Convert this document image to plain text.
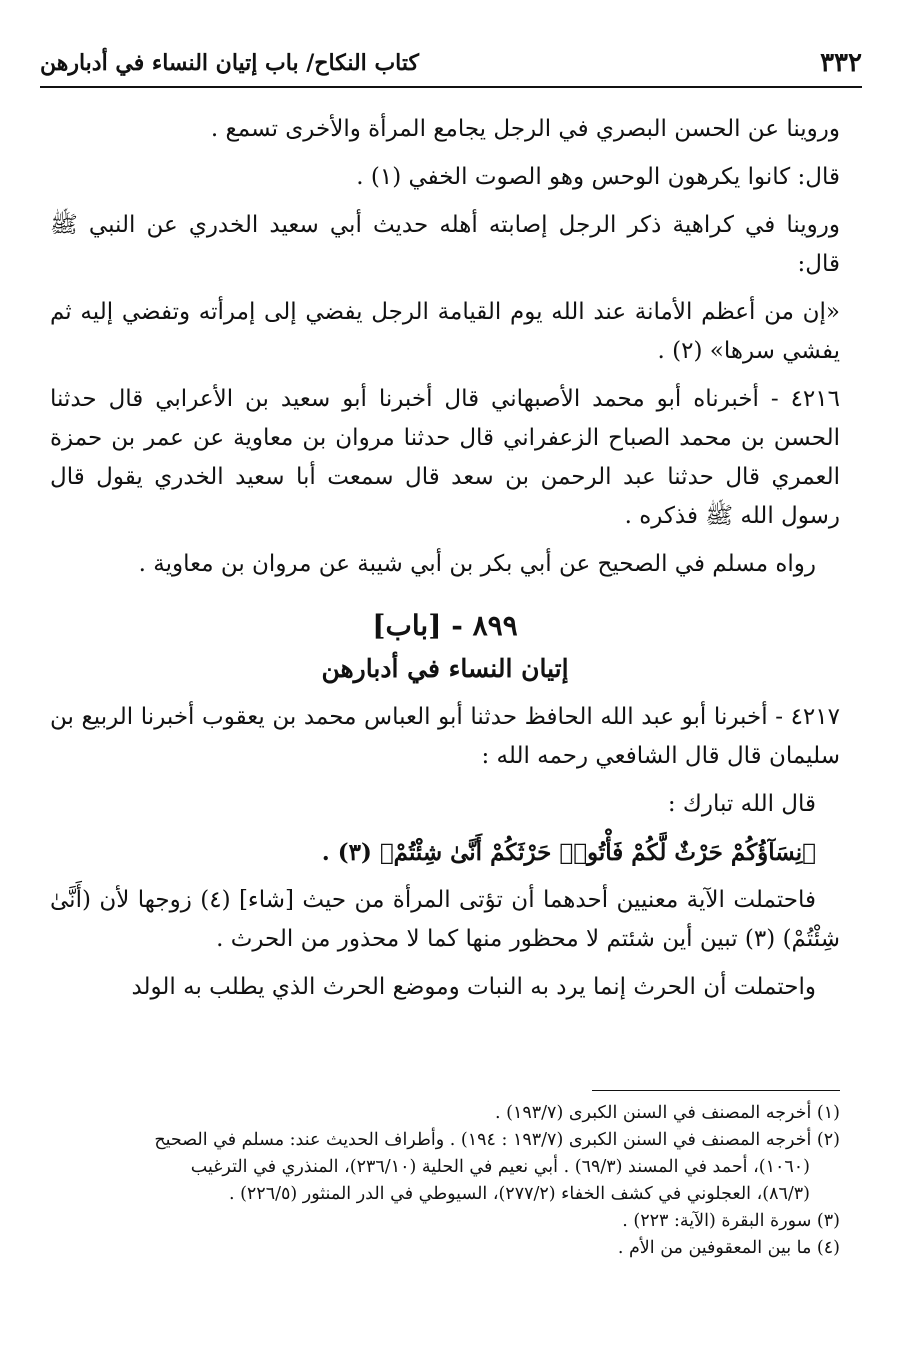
٣٣٢
كتاب النكاح/ باب إتيان النساء في أدبارهن

وروينا عن الحسن البصري في الرجل يجامع المرأة والأخرى تسمع .

قال: كانوا يكرهون الوحس وهو الصوت الخفي (١) .

وروينا في كراهية ذكر الرجل إصابته أهله حديث أبي سعيد الخدري عن النبي ﷺ قال:

«إن من أعظم الأمانة عند الله يوم القيامة الرجل يفضي إلى إمرأته وتفضي إليه ثم يفشي سرها» (٢) .

٤٢١٦ - أخبرناه أبو محمد الأصبهاني قال أخبرنا أبو سعيد بن الأعرابي قال حدثنا الحسن بن محمد الصباح الزعفراني قال حدثنا مروان بن معاوية عن عمر بن حمزة العمري قال حدثنا عبد الرحمن بن سعد قال سمعت أبا سعيد الخدري يقول قال رسول الله ﷺ فذكره .

رواه مسلم في الصحيح عن أبي بكر بن أبي شيبة عن مروان بن معاوية .

٨٩٩ - [باب]
إتيان النساء في أدبارهن

٤٢١٧ - أخبرنا أبو عبد الله الحافظ حدثنا أبو العباس محمد بن يعقوب أخبرنا الربيع بن سليمان قال قال الشافعي رحمه الله :

قال الله تبارك :

﴿نِسَآؤُكُمْ حَرْثٌ لَّكُمْ فَأْتُوا۟ حَرْثَكُمْ أَنَّىٰ شِئْتُمْ﴾ (٣) .

فاحتملت الآية معنيين أحدهما أن تؤتى المرأة من حيث [شاء] (٤) زوجها لأن (أَنَّىٰ شِئْتُمْ) (٣) تبين أين شئتم لا محظور منها كما لا محذور من الحرث .

واحتملت أن الحرث إنما يرد به النبات وموضع الحرث الذي يطلب به الولد

(١) أخرجه المصنف في السنن الكبرى (١٩٣/٧) .

(٢) أخرجه المصنف في السنن الكبرى (١٩٣/٧ : ١٩٤) . وأطراف الحديث عند: مسلم في الصحيح

(١٠٦٠)، أحمد في المسند (٦٩/٣) . أبي نعيم في الحلية (٢٣٦/١٠)، المنذري في الترغيب

(٨٦/٣)، العجلوني في كشف الخفاء (٢٧٧/٢)، السيوطي في الدر المنثور (٢٢٦/٥) .

(٣) سورة البقرة (الآية: ٢٢٣) .

(٤) ما بين المعقوفين من الأم .
